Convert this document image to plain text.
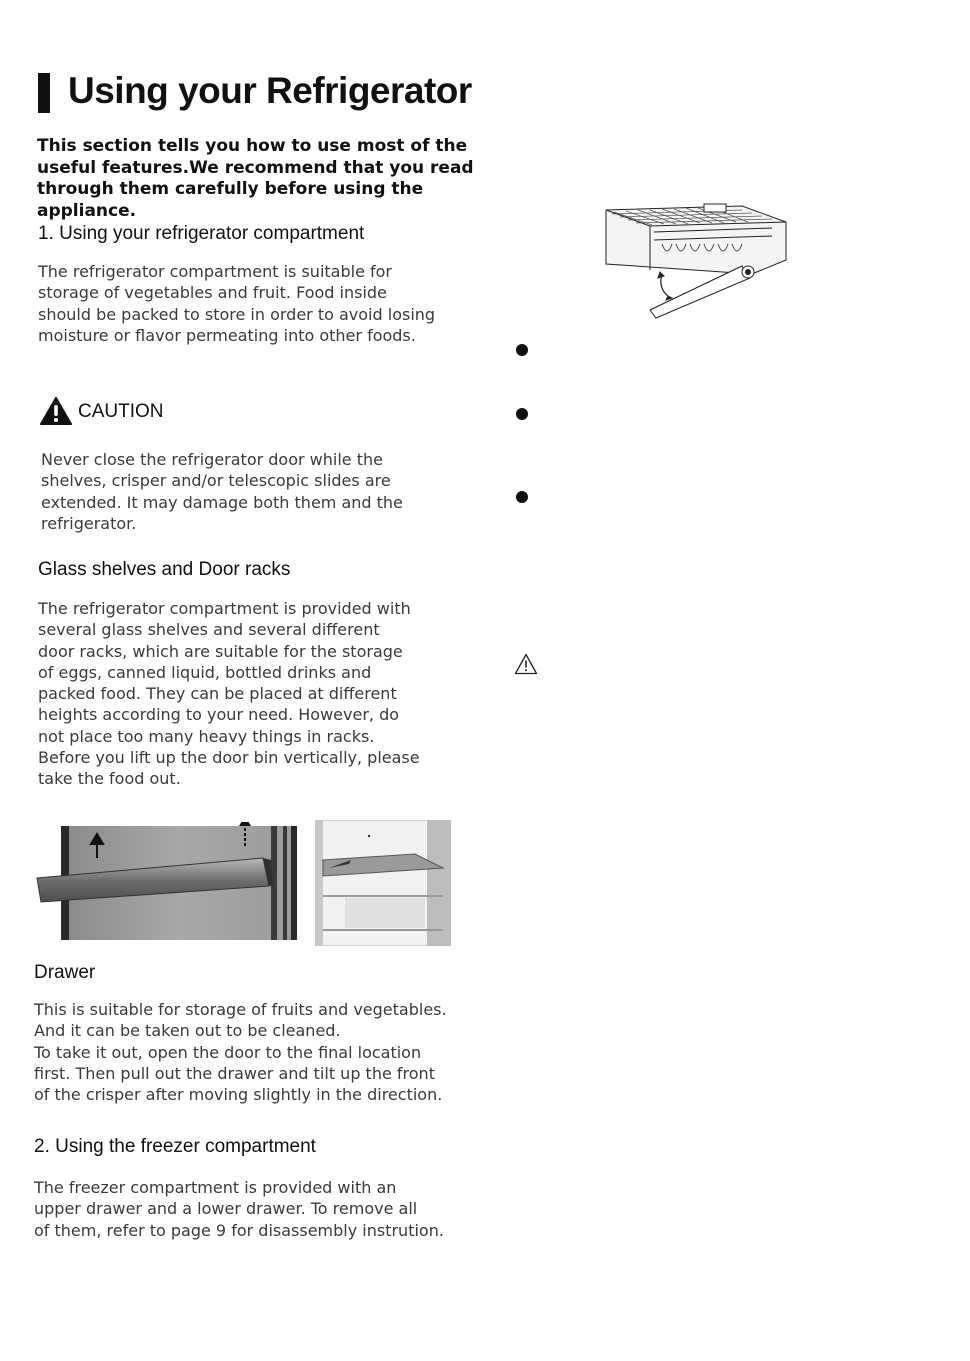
Using your Refrigerator
This section tells you how to use most of the useful features.We recommend that you read through them carefully before using the appliance.
1. Using your refrigerator compartment
The refrigerator compartment is suitable for
storage of vegetables and fruit. Food inside
should be packed to store in order to avoid losing
moisture or flavor permeating into other foods.
CAUTION
Never close the refrigerator door while the
shelves, crisper and/or telescopic slides are
extended. It may damage both them and the
refrigerator.
Glass shelves and Door racks
The refrigerator compartment is provided with
several glass shelves and several different
door racks, which are suitable for the storage
of eggs, canned liquid, bottled drinks and
packed food. They can be placed at different
heights according to your need. However, do
not place too many heavy things in racks.
Before you lift up the door bin vertically, please
take the food out.
Drawer
This is suitable for storage of fruits and vegetables.
And it can be taken out to be cleaned.
To take it out, open the door to the final location
first. Then pull out the drawer and tilt up the front
of the crisper after moving slightly in the direction.
2. Using the freezer compartment
The freezer compartment is provided with an
upper drawer and a lower drawer. To remove all
of them, refer to page 9 for disassembly instrution.
